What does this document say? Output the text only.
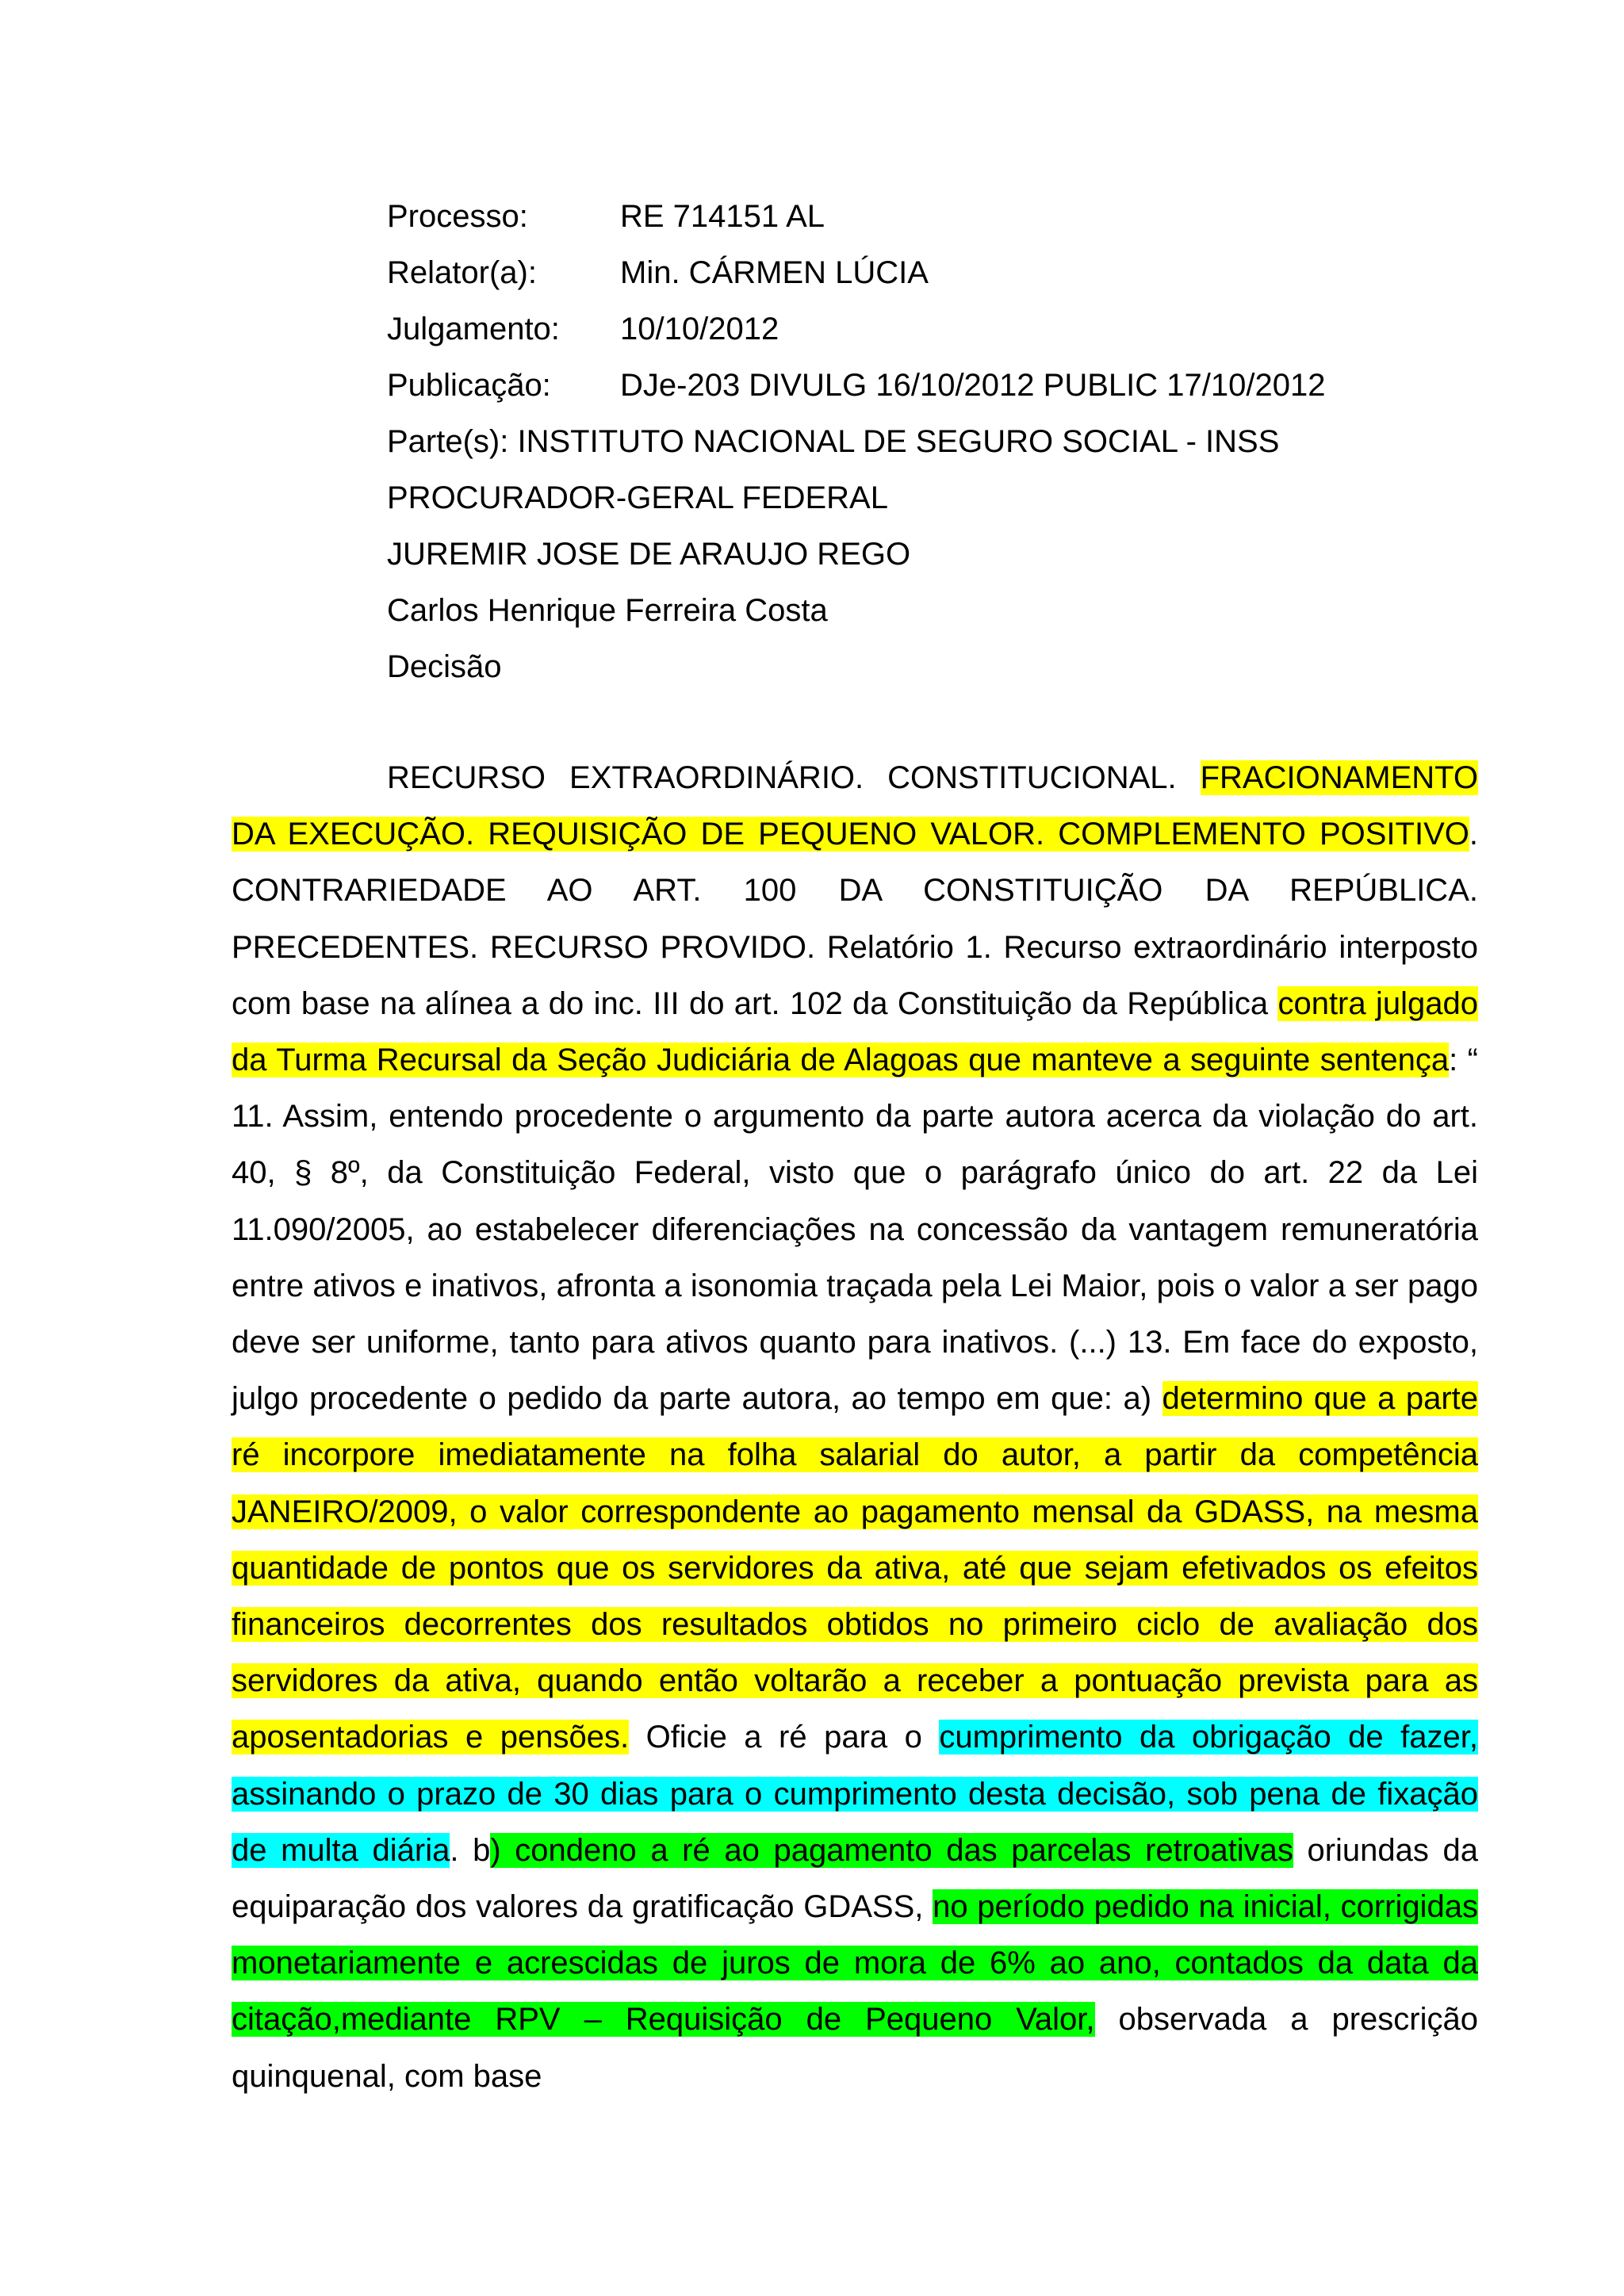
Processo:	RE 714151 AL
Relator(a):	Min. CÁRMEN LÚCIA
Julgamento:	10/10/2012
Publicação:	DJe-203 DIVULG 16/10/2012 PUBLIC 17/10/2012
Parte(s): INSTITUTO NACIONAL DE SEGURO SOCIAL - INSS
PROCURADOR-GERAL FEDERAL
JUREMIR JOSE DE ARAUJO REGO
Carlos Henrique Ferreira Costa
Decisão

RECURSO EXTRAORDINÁRIO. CONSTITUCIONAL. FRACIONAMENTO DA EXECUÇÃO. REQUISIÇÃO DE PEQUENO VALOR. COMPLEMENTO POSITIVO. CONTRARIEDADE AO ART. 100 DA CONSTITUIÇÃO DA REPÚBLICA. PRECEDENTES. RECURSO PROVIDO. Relatório 1. Recurso extraordinário interposto com base na alínea a do inc. III do art. 102 da Constituição da República contra julgado da Turma Recursal da Seção Judiciária de Alagoas que manteve a seguinte sentença: “ 11. Assim, entendo procedente o argumento da parte autora acerca da violação do art. 40, § 8º, da Constituição Federal, visto que o parágrafo único do art. 22 da Lei 11.090/2005, ao estabelecer diferenciações na concessão da vantagem remuneratória entre ativos e inativos, afronta a isonomia traçada pela Lei Maior, pois o valor a ser pago deve ser uniforme, tanto para ativos quanto para inativos. (...) 13. Em face do exposto, julgo procedente o pedido da parte autora, ao tempo em que: a) determino que a parte ré incorpore imediatamente na folha salarial do autor, a partir da competência JANEIRO/2009, o valor correspondente ao pagamento mensal da GDASS, na mesma quantidade de pontos que os servidores da ativa, até que sejam efetivados os efeitos financeiros decorrentes dos resultados obtidos no primeiro ciclo de avaliação dos servidores da ativa, quando então voltarão a receber a pontuação prevista para as aposentadorias e pensões. Oficie a ré para o cumprimento da obrigação de fazer, assinando o prazo de 30 dias para o cumprimento desta decisão, sob pena de fixação de multa diária. b) condeno a ré ao pagamento das parcelas retroativas oriundas da equiparação dos valores da gratificação GDASS, no período pedido na inicial, corrigidas monetariamente e acrescidas de juros de mora de 6% ao ano, contados da data da citação,mediante RPV – Requisição de Pequeno Valor, observada a prescrição quinquenal, com base
